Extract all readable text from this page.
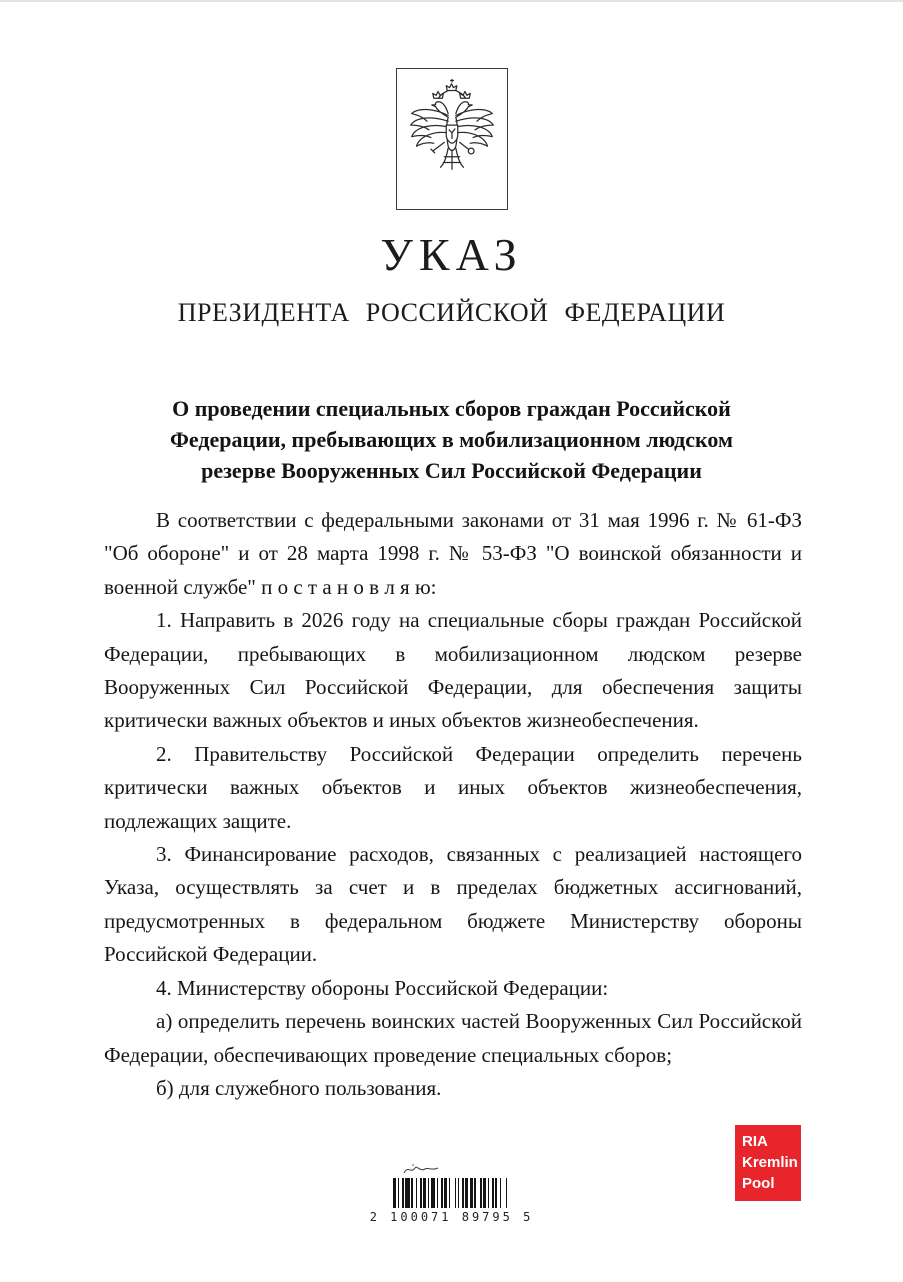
УКАЗ
ПРЕЗИДЕНТА РОССИЙСКОЙ ФЕДЕРАЦИИ
О проведении специальных сборов граждан Российской
Федерации, пребывающих в мобилизационном людском
резерве Вооруженных Сил Российской Федерации

В соответствии с федеральными законами от 31 мая 1996 г. № 61-ФЗ "Об обороне" и от 28 марта 1998 г. № 53-ФЗ "О воинской обязанности и военной службе" п о с т а н о в л я ю:

1. Направить в 2026 году на специальные сборы граждан Российской Федерации, пребывающих в мобилизационном людском резерве Вооруженных Сил Российской Федерации, для обеспечения защиты критически важных объектов и иных объектов жизнеобеспечения.

2. Правительству Российской Федерации определить перечень критически важных объектов и иных объектов жизнеобеспечения, подлежащих защите.

3. Финансирование расходов, связанных с реализацией настоящего Указа, осуществлять за счет и в пределах бюджетных ассигнований, предусмотренных в федеральном бюджете Министерству обороны Российской Федерации.

4. Министерству обороны Российской Федерации:

а) определить перечень воинских частей Вооруженных Сил Российской Федерации, обеспечивающих проведение специальных сборов;

б) для служебного пользования.

2 100071 89795 5
RIA
Kremlin
Pool
